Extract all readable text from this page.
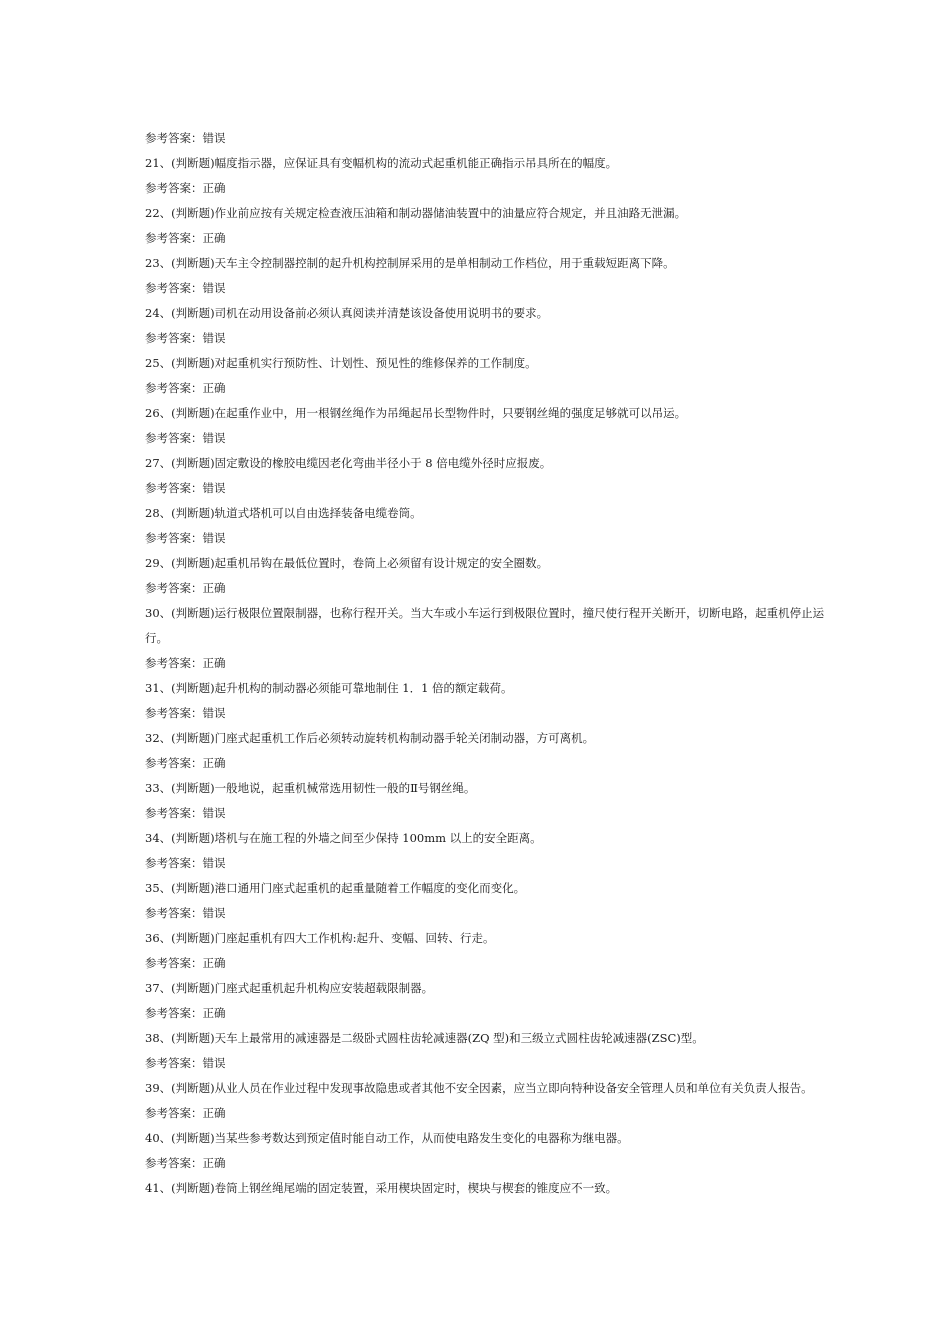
参考答案：错误

21、(判断题)幅度指示器，应保证具有变幅机构的流动式起重机能正确指示吊具所在的幅度。

参考答案：正确

22、(判断题)作业前应按有关规定检查液压油箱和制动器储油装置中的油量应符合规定，并且油路无泄漏。

参考答案：正确

23、(判断题)天车主令控制器控制的起升机构控制屏采用的是单相制动工作档位，用于重载短距离下降。

参考答案：错误

24、(判断题)司机在动用设备前必须认真阅读并清楚该设备使用说明书的要求。

参考答案：错误

25、(判断题)对起重机实行预防性、计划性、预见性的维修保养的工作制度。

参考答案：正确

26、(判断题)在起重作业中，用一根钢丝绳作为吊绳起吊长型物件时，只要钢丝绳的强度足够就可以吊运。

参考答案：错误

27、(判断题)固定敷设的橡胶电缆因老化弯曲半径小于 8 倍电缆外径时应报废。

参考答案：错误

28、(判断题)轨道式塔机可以自由选择装备电缆卷筒。

参考答案：错误

29、(判断题)起重机吊钩在最低位置时，卷筒上必须留有设计规定的安全圈数。

参考答案：正确

30、(判断题)运行极限位置限制器，也称行程开关。当大车或小车运行到极限位置时，撞尺使行程开关断开，切断电路，起重机停止运行。

参考答案：正确

31、(判断题)起升机构的制动器必须能可靠地制住 1．1 倍的额定载荷。

参考答案：错误

32、(判断题)门座式起重机工作后必须转动旋转机构制动器手轮关闭制动器，方可离机。

参考答案：正确

33、(判断题)一般地说，起重机械常选用韧性一般的Ⅱ号钢丝绳。

参考答案：错误

34、(判断题)塔机与在施工程的外墙之间至少保持 100mm 以上的安全距离。

参考答案：错误

35、(判断题)港口通用门座式起重机的起重量随着工作幅度的变化而变化。

参考答案：错误

36、(判断题)门座起重机有四大工作机构:起升、变幅、回转、行走。

参考答案：正确

37、(判断题)门座式起重机起升机构应安装超载限制器。

参考答案：正确

38、(判断题)天车上最常用的减速器是二级卧式圆柱齿轮减速器(ZQ 型)和三级立式圆柱齿轮减速器(ZSC)型。

参考答案：错误

39、(判断题)从业人员在作业过程中发现事故隐患或者其他不安全因素，应当立即向特种设备安全管理人员和单位有关负责人报告。

参考答案：正确

40、(判断题)当某些参考数达到预定值时能自动工作，从而使电路发生变化的电器称为继电器。

参考答案：正确

41、(判断题)卷筒上钢丝绳尾端的固定装置，采用楔块固定时，楔块与楔套的锥度应不一致。
